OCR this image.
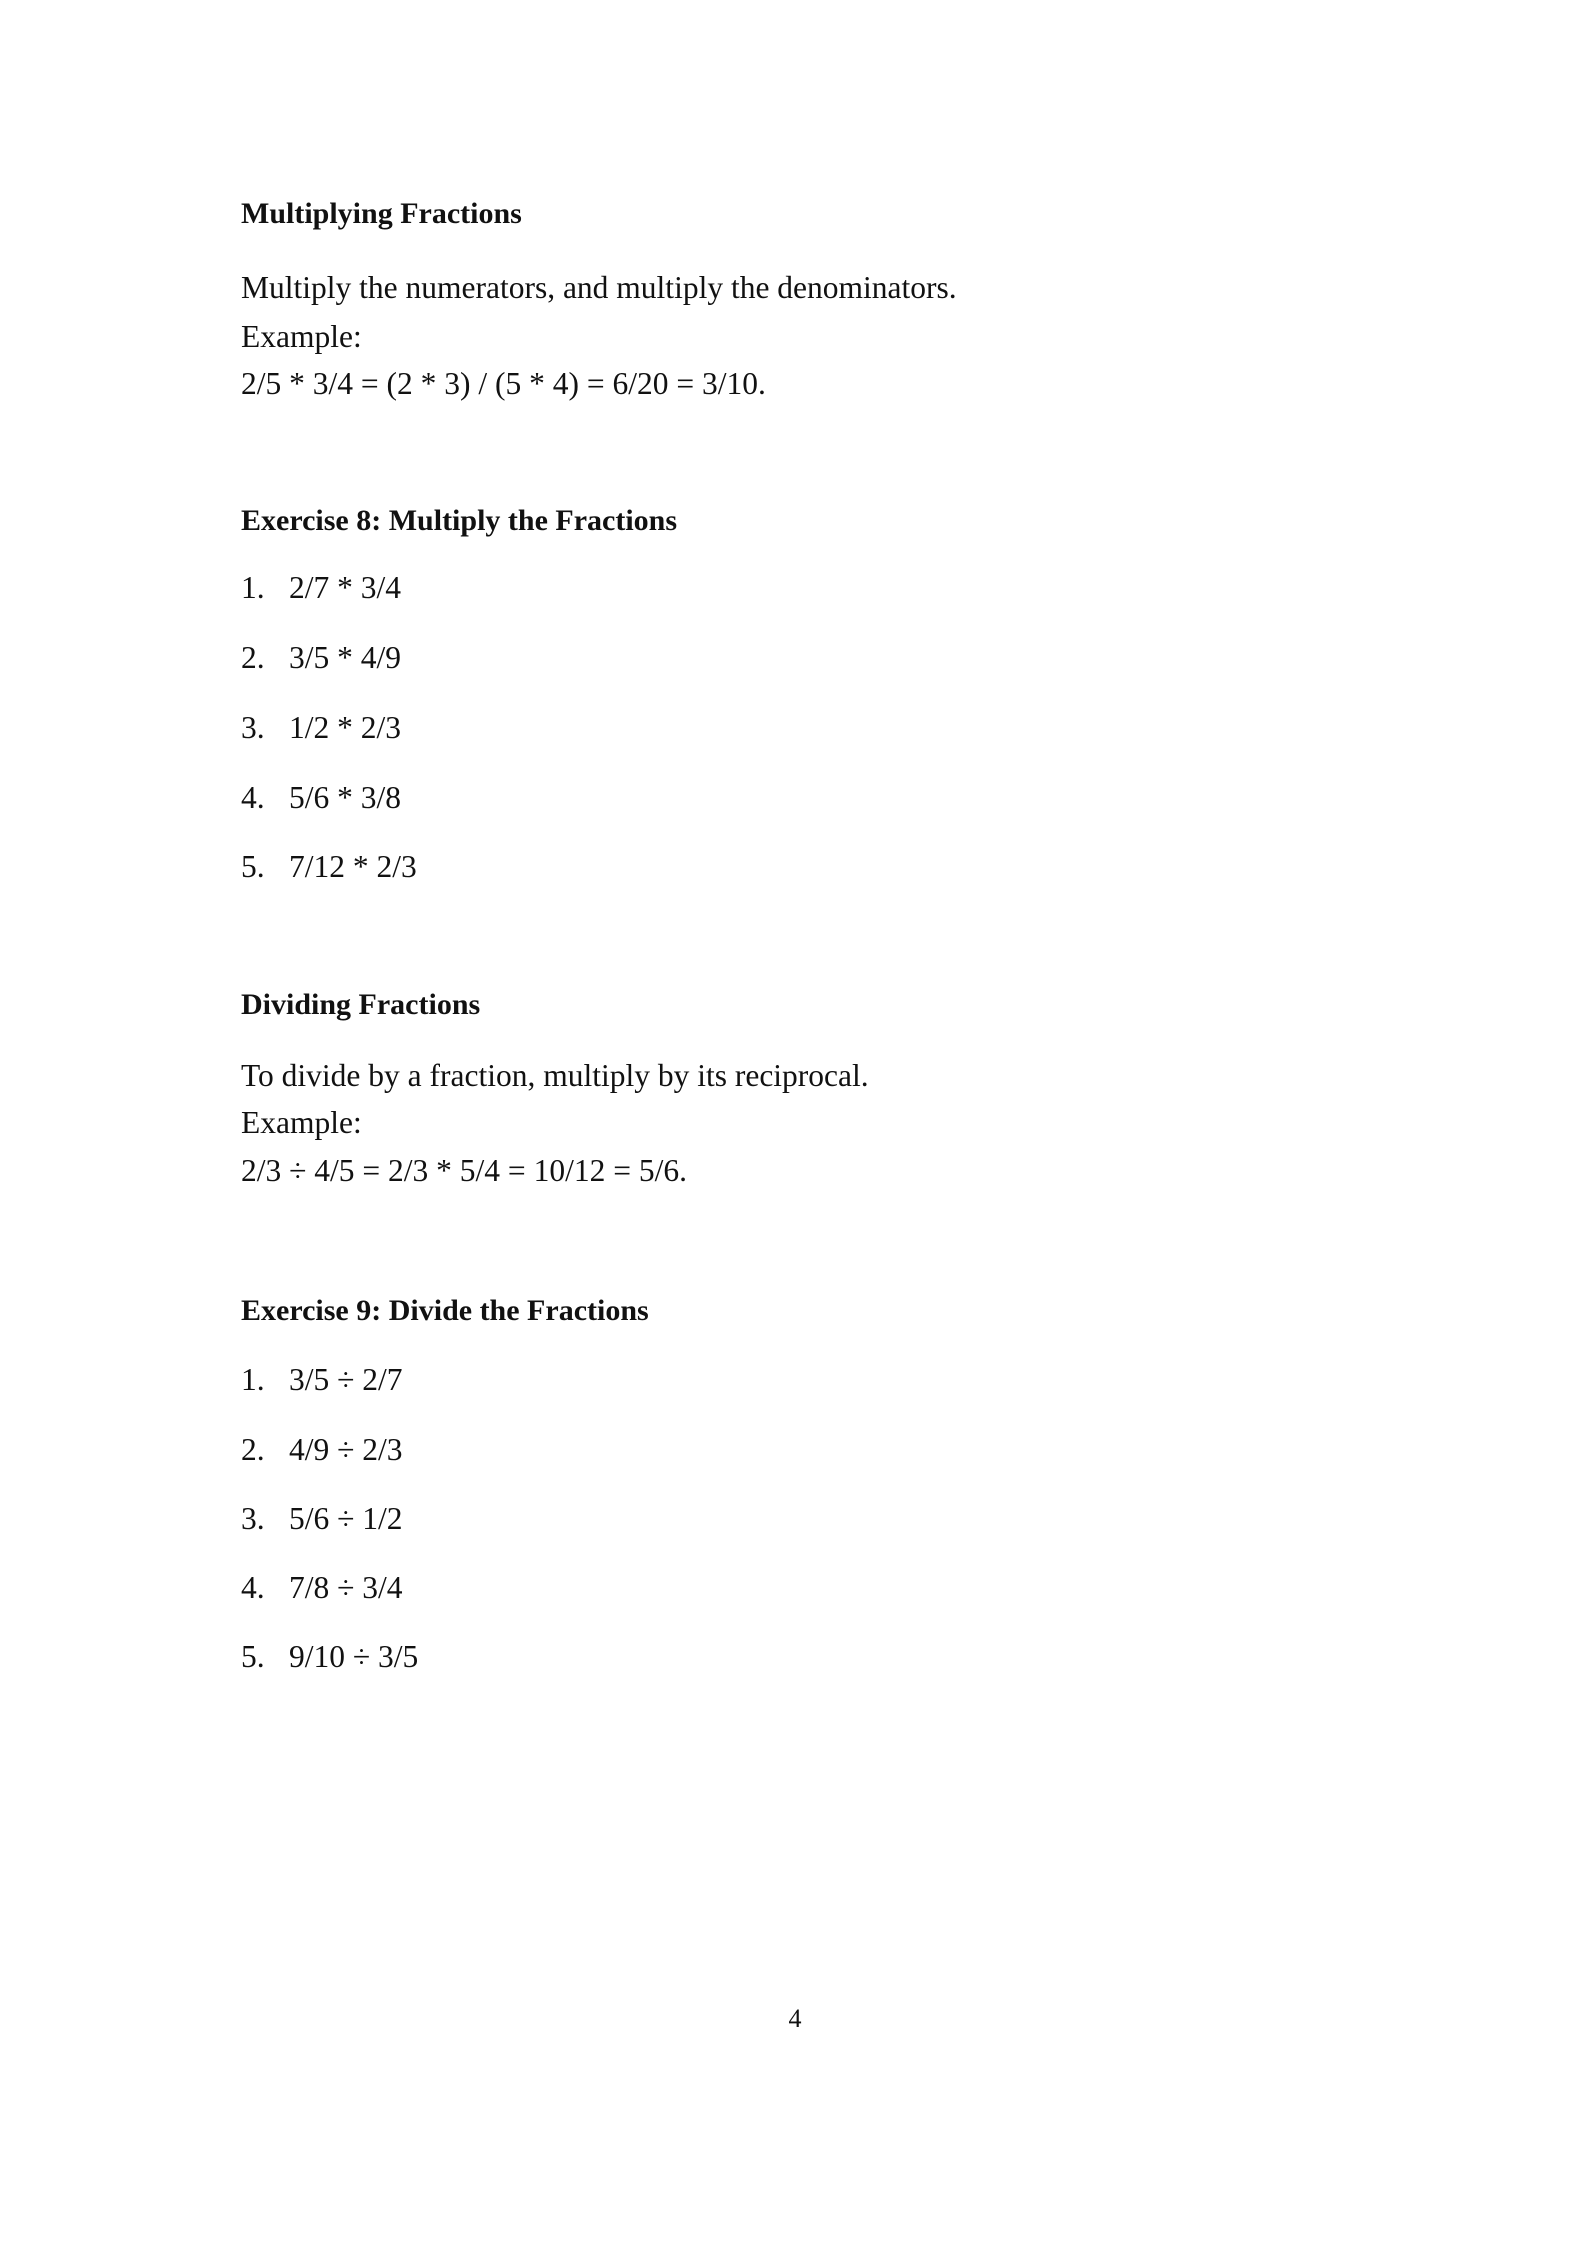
Multiplying Fractions
Multiply the numerators, and multiply the denominators.
Example:
2/5 * 3/4 = (2 * 3) / (5 * 4) = 6/20 = 3/10.
Exercise 8: Multiply the Fractions
1. 2/7 * 3/4
2. 3/5 * 4/9
3. 1/2 * 2/3
4. 5/6 * 3/8
5. 7/12 * 2/3
Dividing Fractions
To divide by a fraction, multiply by its reciprocal.
Example:
2/3 ÷ 4/5 = 2/3 * 5/4 = 10/12 = 5/6.
Exercise 9: Divide the Fractions
1. 3/5 ÷ 2/7
2. 4/9 ÷ 2/3
3. 5/6 ÷ 1/2
4. 7/8 ÷ 3/4
5. 9/10 ÷ 3/5
4
